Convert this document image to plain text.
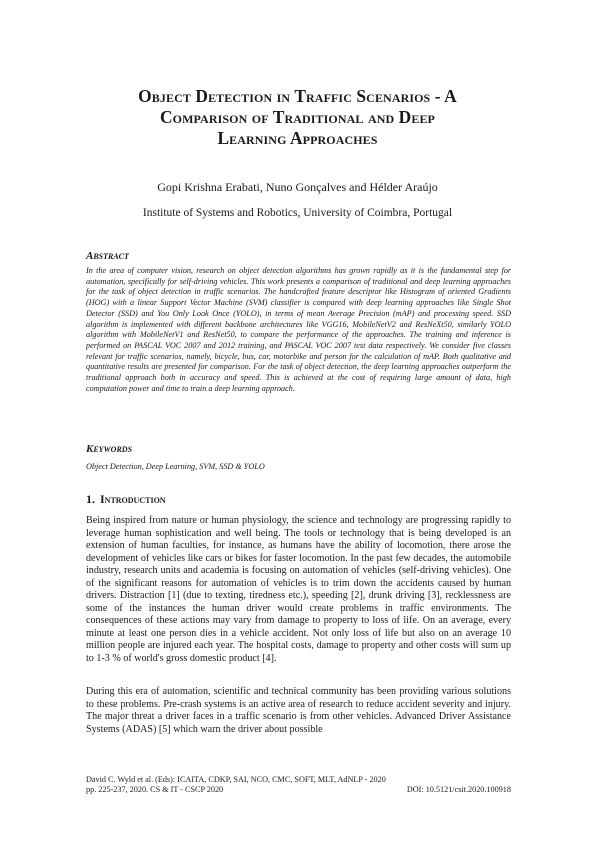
Object Detection in Traffic Scenarios - A
Comparison of Traditional and Deep
Learning Approaches
Gopi Krishna Erabati, Nuno Gonçalves and Hélder Araújo
Institute of Systems and Robotics, University of Coimbra, Portugal
Abstract

In the area of computer vision, research on object detection algorithms has grown rapidly as it is the fundamental step for automation, specifically for self-driving vehicles. This work presents a comparison of traditional and deep learning approaches for the task of object detection in traffic scenarios. The handcrafted feature descriptor like Histogram of oriented Gradients (HOG) with a linear Support Vector Machine (SVM) classifier is compared with deep learning approaches like Single Shot Detector (SSD) and You Only Look Once (YOLO), in terms of mean Average Precision (mAP) and processing speed. SSD algorithm is implemented with different backbone architectures like VGG16, MobileNetV2 and ResNeXt50, similarly YOLO algorithm with MobileNetV1 and ResNet50, to compare the performance of the approaches. The training and inference is performed on PASCAL VOC 2007 and 2012 training, and PASCAL VOC 2007 test data respectively. We consider five classes relevant for traffic scenarios, namely, bicycle, bus, car, motorbike and person for the calculation of mAP. Both qualitative and quantitative results are presented for comparison. For the task of object detection, the deep learning approaches outperform the traditional approach both in accuracy and speed. This is achieved at the cost of requiring large amount of data, high computation power and time to train a deep learning approach.

Keywords
Object Detection, Deep Learning, SVM, SSD & YOLO
1. Introduction

Being inspired from nature or human physiology, the science and technology are progressing rapidly to leverage human sophistication and well being. The tools or technology that is being developed is an extension of human faculties, for instance, as humans have the ability of locomotion, there arose the development of vehicles like cars or bikes for faster locomotion. In the past few decades, the automobile industry, research units and academia is focusing on automation of vehicles (self-driving vehicles). One of the significant reasons for automation of vehicles is to trim down the accidents caused by human drivers. Distraction [1] (due to texting, tiredness etc.), speeding [2], drunk driving [3], recklessness are some of the instances the human driver would create problems in traffic environments. The consequences of these actions may vary from damage to property to loss of life. On an average, every minute at least one person dies in a vehicle accident. Not only loss of life but also on an average 10 million people are injured each year. The hospital costs, damage to property and other costs will sum up to 1-3 % of world's gross domestic product [4].

During this era of automation, scientific and technical community has been providing various solutions to these problems. Pre-crash systems is an active area of research to reduce accident severity and injury. The major threat a driver faces in a traffic scenario is from other vehicles. Advanced Driver Assistance Systems (ADAS) [5] which warn the driver about possible

David C. Wyld et al. (Eds): ICAITA, CDKP, SAI, NCO, CMC, SOFT, MLT, AdNLP - 2020
pp. 225-237, 2020. CS & IT - CSCP 2020	DOI: 10.5121/csit.2020.100918
